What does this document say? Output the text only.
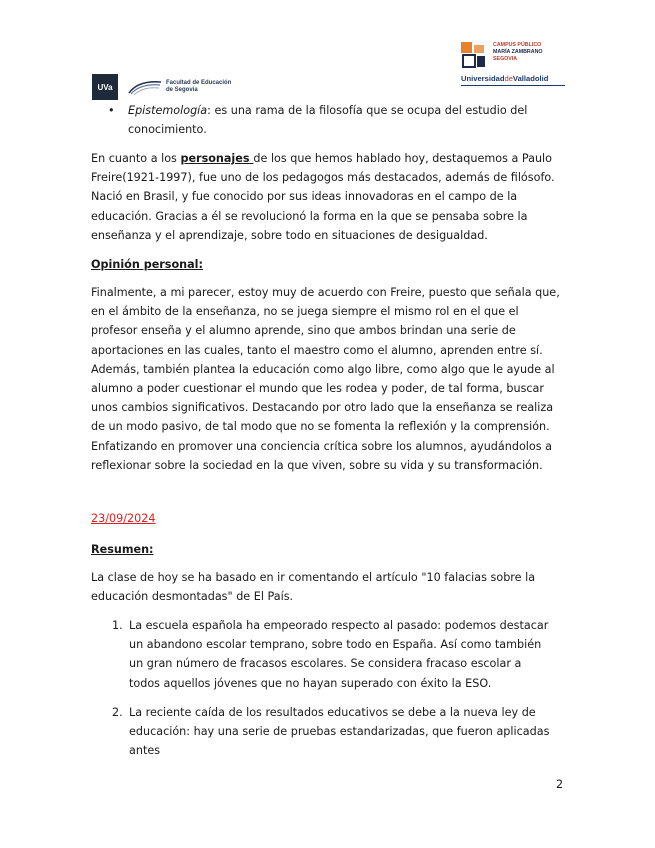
UVa	Facultad de Educación
de Segovia
CAMPUS PÚBLICO
MARÍA ZAMBRANO
SEGOVIA
UniversidaddeValladolid
• Epistemología: es una rama de la filosofía que se ocupa del estudio del conocimiento.
En cuanto a los personajes de los que hemos hablado hoy, destaquemos a Paulo Freire(1921-1997), fue uno de los pedagogos más destacados, además de filósofo. Nació en Brasil, y fue conocido por sus ideas innovadoras en el campo de la educación. Gracias a él se revolucionó la forma en la que se pensaba sobre la enseñanza y el aprendizaje, sobre todo en situaciones de desigualdad.
Opinión personal:
Finalmente, a mi parecer, estoy muy de acuerdo con Freire, puesto que señala que, en el ámbito de la enseñanza, no se juega siempre el mismo rol en el que el profesor enseña y el alumno aprende, sino que ambos brindan una serie de aportaciones en las cuales, tanto el maestro como el alumno, aprenden entre sí. Además, también plantea la educación como algo libre, como algo que le ayude al alumno a poder cuestionar el mundo que les rodea y poder, de tal forma, buscar unos cambios significativos. Destacando por otro lado que la enseñanza se realiza de un modo pasivo, de tal modo que no se fomenta la reflexión y la comprensión. Enfatizando en promover una conciencia crítica sobre los alumnos, ayudándolos a reflexionar sobre la sociedad en la que viven, sobre su vida y su transformación.
23/09/2024
Resumen:
La clase de hoy se ha basado en ir comentando el artículo "10 falacias sobre la educación desmontadas" de El País.
1. La escuela española ha empeorado respecto al pasado: podemos destacar un abandono escolar temprano, sobre todo en España. Así como también un gran número de fracasos escolares. Se considera fracaso escolar a todos aquellos jóvenes que no hayan superado con éxito la ESO.
2. La reciente caída de los resultados educativos se debe a la nueva ley de educación: hay una serie de pruebas estandarizadas, que fueron aplicadas antes
2
